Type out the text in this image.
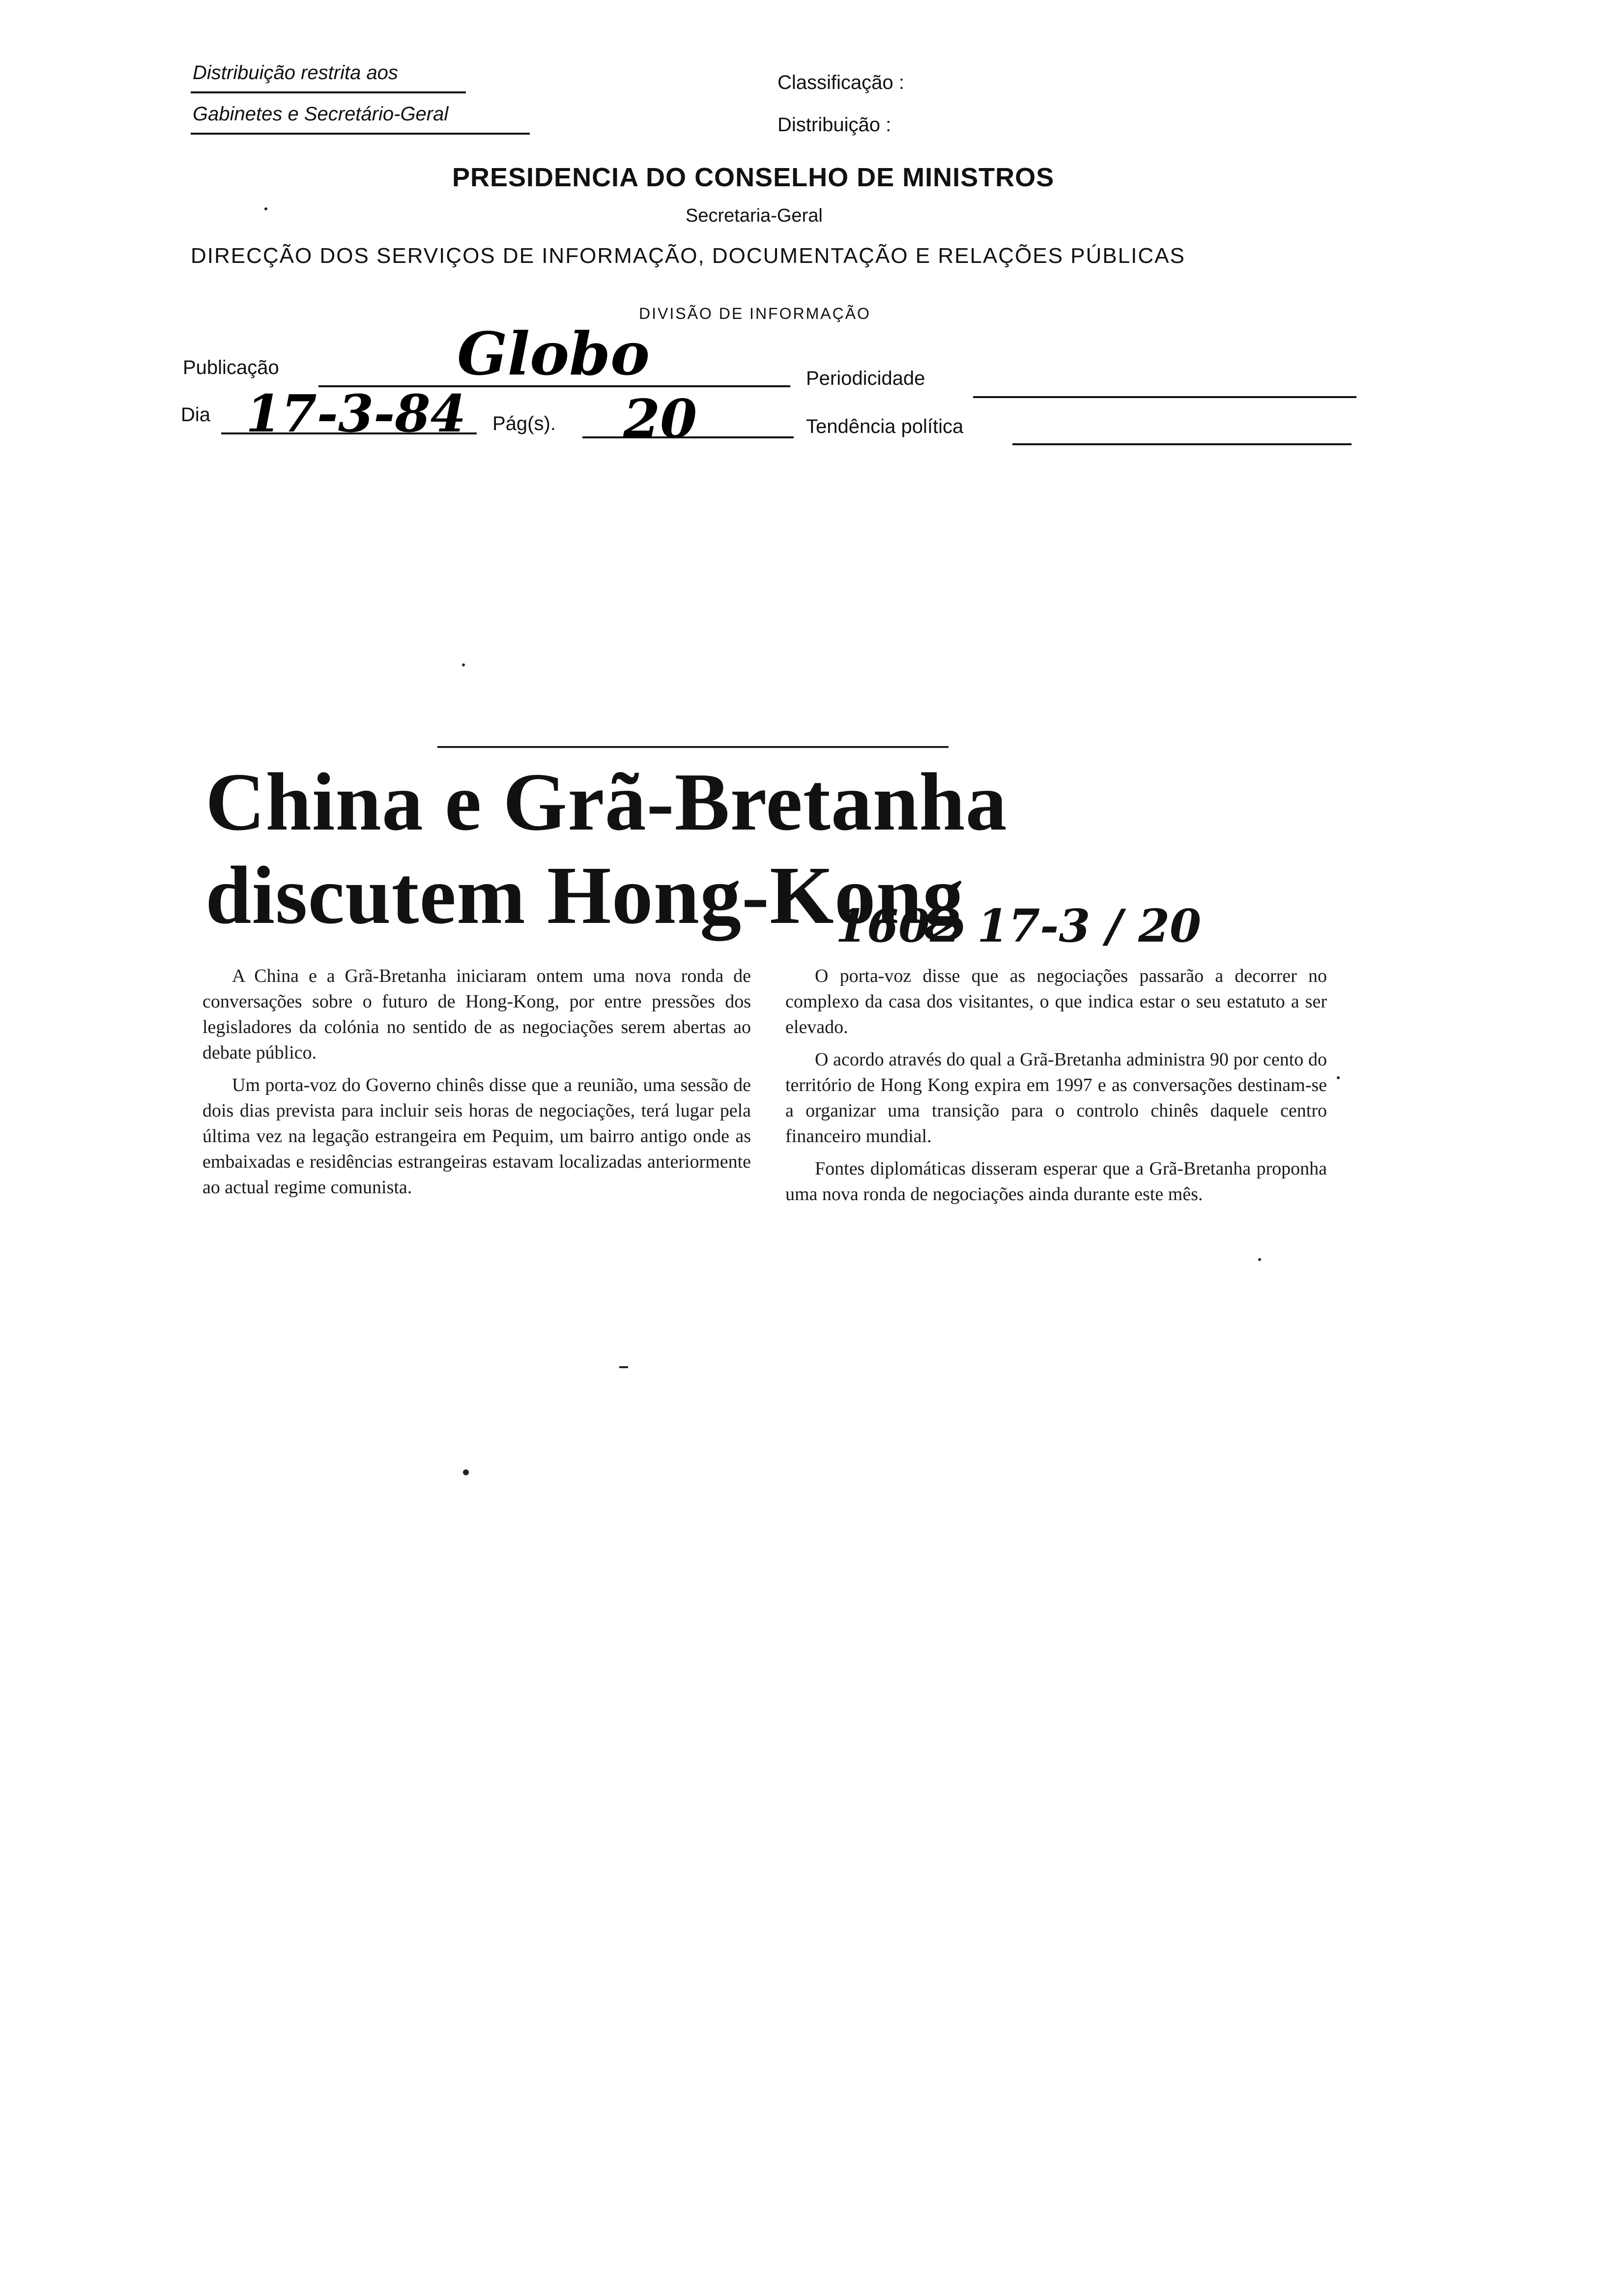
Distribuição restrita aos
Gabinetes e Secretário-Geral
Classificação :
Distribuição :
PRESIDENCIA DO CONSELHO DE MINISTROS
Secretaria-Geral
DIRECÇÃO DOS SERVIÇOS DE INFORMAÇÃO, DOCUMENTAÇÃO E RELAÇÕES PÚBLICAS
DIVISÃO DE INFORMAÇÃO
Publicação	Globo	Periodicidade
Dia 17-3-84 Pág(s). 20	Tendência política
China e Grã-Bretanha
discutem Hong-Kong
1602 17-3 / 20

A China e a Grã-Bretanha iniciaram ontem uma nova ronda de conversações sobre o futuro de Hong-Kong, por entre pressões dos legisladores da colónia no sentido de as negociações serem abertas ao debate público.

Um porta-voz do Governo chinês disse que a reunião, uma sessão de dois dias prevista para incluir seis horas de negociações, terá lugar pela última vez na legação estrangeira em Pequim, um bairro antigo onde as embaixadas e residências estrangeiras estavam localizadas anteriormente ao actual regime comunista.

O porta-voz disse que as negociações passarão a decorrer no complexo da casa dos visitantes, o que indica estar o seu estatuto a ser elevado.

O acordo através do qual a Grã-Bretanha administra 90 por cento do território de Hong Kong expira em 1997 e as conversações destinam-se a organizar uma transição para o controlo chinês daquele centro financeiro mundial.

Fontes diplomáticas disseram esperar que a Grã-Bretanha proponha uma nova ronda de negociações ainda durante este mês.
